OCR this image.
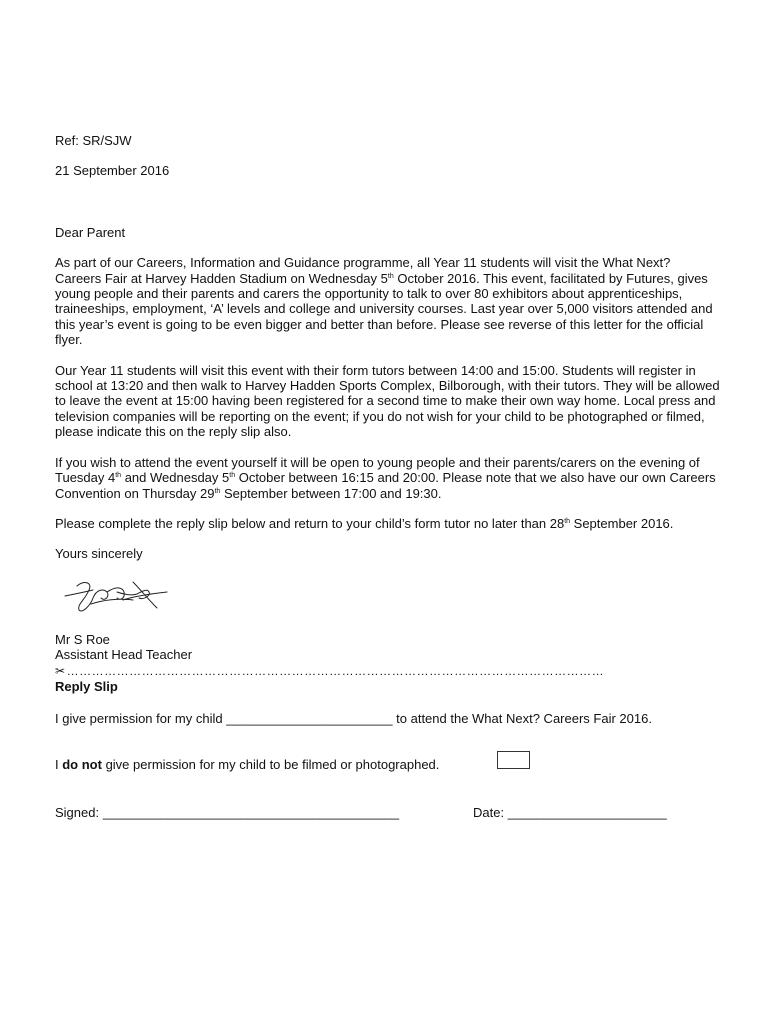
Ref: SR/SJW

21 September 2016

Dear Parent

As part of our Careers, Information and Guidance programme, all Year 11 students will visit the What Next? Careers Fair at Harvey Hadden Stadium on Wednesday 5th October 2016. This event, facilitated by Futures, gives young people and their parents and carers the opportunity to talk to over 80 exhibitors about apprenticeships, traineeships, employment, ‘A’ levels and college and university courses. Last year over 5,000 visitors attended and this year’s event is going to be even bigger and better than before. Please see reverse of this letter for the official flyer.

Our Year 11 students will visit this event with their form tutors between 14:00 and 15:00. Students will register in school at 13:20 and then walk to Harvey Hadden Sports Complex, Bilborough, with their tutors. They will be allowed to leave the event at 15:00 having been registered for a second time to make their own way home. Local press and television companies will be reporting on the event; if you do not wish for your child to be photographed or filmed, please indicate this on the reply slip also.

If you wish to attend the event yourself it will be open to young people and their parents/carers on the evening of Tuesday 4th and Wednesday 5th October between 16:15 and 20:00. Please note that we also have our own Careers Convention on Thursday 29th September between 17:00 and 19:30.

Please complete the reply slip below and return to your child’s form tutor no later than 28th September 2016.

Yours sincerely

Mr S Roe

Assistant Head Teacher

✂ …………………………………………………………………………………………………………………

Reply Slip

I give permission for my child _______________________ to attend the What Next? Careers Fair 2016.

I do not give permission for my child to be filmed or photographed.
Signed: _________________________________________	Date: ______________________
